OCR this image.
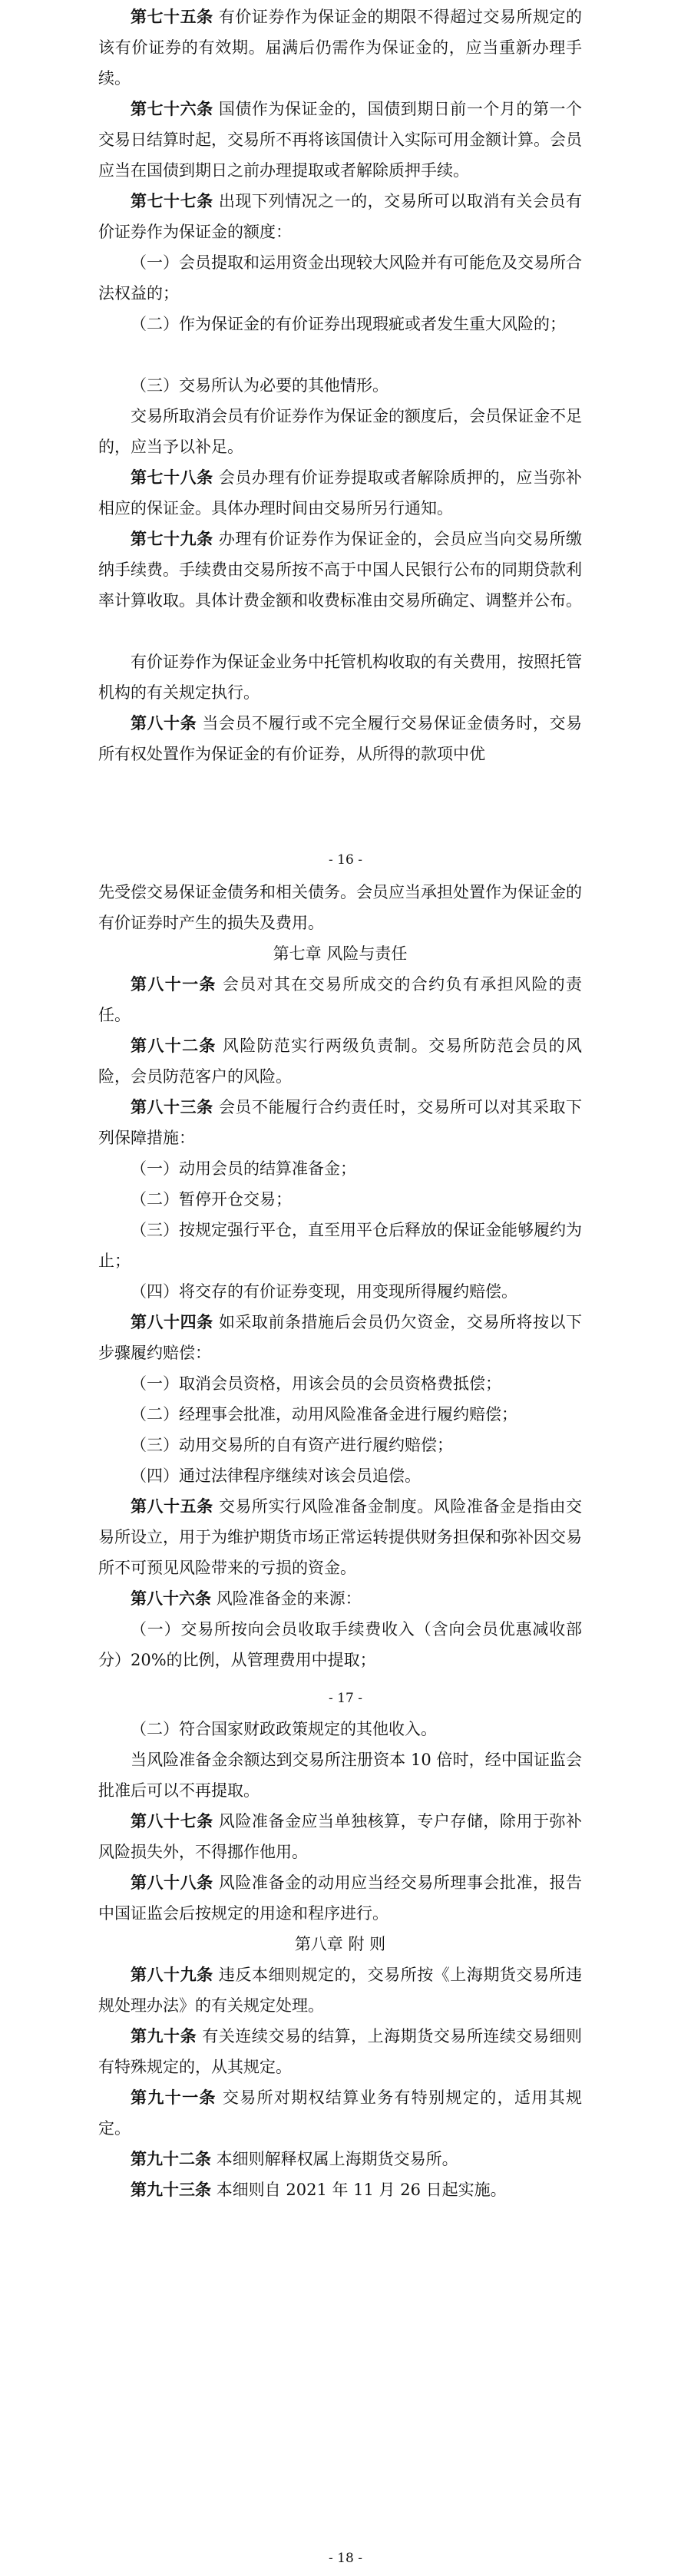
第七十五条 有价证券作为保证金的期限不得超过交易所规定的该有价证券的有效期。届满后仍需作为保证金的，应当重新办理手续。

第七十六条 国债作为保证金的，国债到期日前一个月的第一个交易日结算时起，交易所不再将该国债计入实际可用金额计算。会员应当在国债到期日之前办理提取或者解除质押手续。

第七十七条 出现下列情况之一的，交易所可以取消有关会员有价证券作为保证金的额度：

（一）会员提取和运用资金出现较大风险并有可能危及交易所合法权益的；

（二）作为保证金的有价证券出现瑕疵或者发生重大风险的；

（三）交易所认为必要的其他情形。

交易所取消会员有价证券作为保证金的额度后，会员保证金不足的，应当予以补足。

第七十八条 会员办理有价证券提取或者解除质押的，应当弥补相应的保证金。具体办理时间由交易所另行通知。

第七十九条 办理有价证券作为保证金的，会员应当向交易所缴纳手续费。手续费由交易所按不高于中国人民银行公布的同期贷款利率计算收取。具体计费金额和收费标准由交易所确定、调整并公布。

有价证券作为保证金业务中托管机构收取的有关费用，按照托管机构的有关规定执行。

第八十条 当会员不履行或不完全履行交易保证金债务时，交易所有权处置作为保证金的有价证券，从所得的款项中优

- 16 -

先受偿交易保证金债务和相关债务。会员应当承担处置作为保证金的有价证券时产生的损失及费用。

第七章 风险与责任

第八十一条 会员对其在交易所成交的合约负有承担风险的责任。

第八十二条 风险防范实行两级负责制。交易所防范会员的风险，会员防范客户的风险。

第八十三条 会员不能履行合约责任时，交易所可以对其采取下列保障措施：

（一）动用会员的结算准备金；

（二）暂停开仓交易；

（三）按规定强行平仓，直至用平仓后释放的保证金能够履约为止；

（四）将交存的有价证券变现，用变现所得履约赔偿。

第八十四条 如采取前条措施后会员仍欠资金，交易所将按以下步骤履约赔偿：

（一）取消会员资格，用该会员的会员资格费抵偿；

（二）经理事会批准，动用风险准备金进行履约赔偿；

（三）动用交易所的自有资产进行履约赔偿；

（四）通过法律程序继续对该会员追偿。

第八十五条 交易所实行风险准备金制度。风险准备金是指由交易所设立，用于为维护期货市场正常运转提供财务担保和弥补因交易所不可预见风险带来的亏损的资金。

第八十六条 风险准备金的来源：

（一）交易所按向会员收取手续费收入（含向会员优惠减收部分）20%的比例，从管理费用中提取；

- 17 -

（二）符合国家财政政策规定的其他收入。

当风险准备金余额达到交易所注册资本 10 倍时，经中国证监会批准后可以不再提取。

第八十七条 风险准备金应当单独核算，专户存储，除用于弥补风险损失外，不得挪作他用。

第八十八条 风险准备金的动用应当经交易所理事会批准，报告中国证监会后按规定的用途和程序进行。

第八章 附 则

第八十九条 违反本细则规定的，交易所按《上海期货交易所违规处理办法》的有关规定处理。

第九十条 有关连续交易的结算，上海期货交易所连续交易细则有特殊规定的，从其规定。

第九十一条 交易所对期权结算业务有特别规定的，适用其规定。

第九十二条 本细则解释权属上海期货交易所。

第九十三条 本细则自 2021 年 11 月 26 日起实施。

- 18 -
